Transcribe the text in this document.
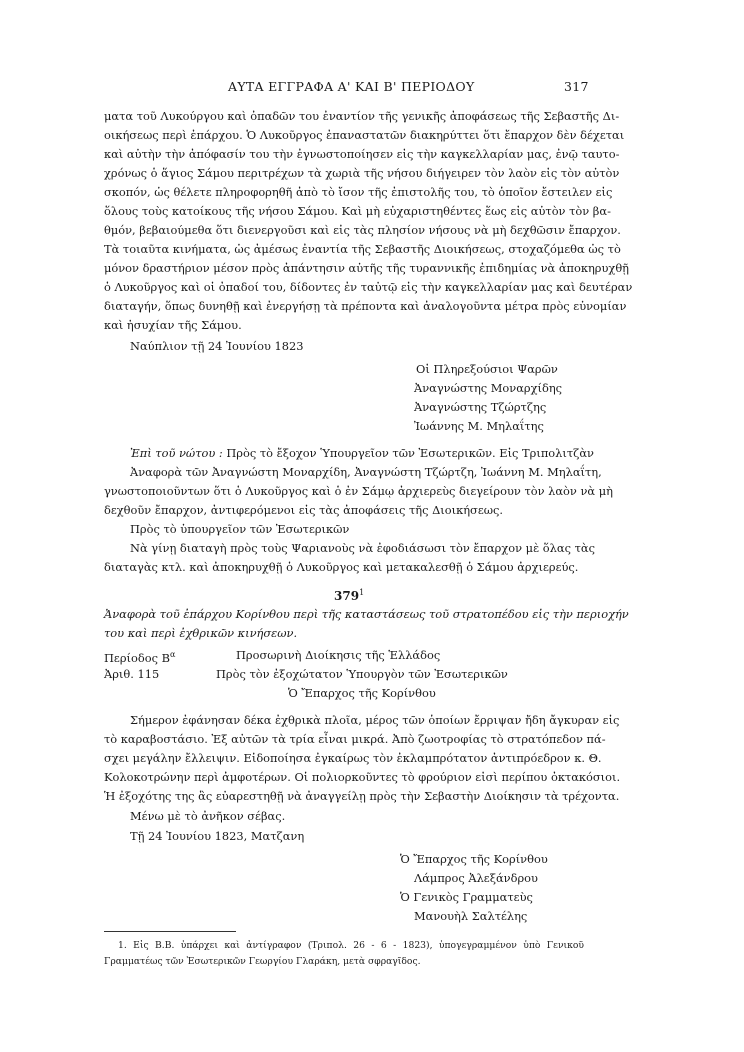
ΑΥΤΑ ΕΓΓΡΑΦΑ Α' ΚΑΙ Β' ΠΕΡΙΟΔΟΥ	317
ματα τοῦ Λυκούργου καὶ ὀπαδῶν του ἐναντίον τῆς γενικῆς ἀποφάσεως τῆς Σεβαστῆς Δι-
οικήσεως περὶ ἐπάρχου. Ὁ Λυκοῦργος ἐπαναστατῶν διακηρύττει ὅτι ἔπαρχον δὲν δέχεται
καὶ αὐτὴν τὴν ἀπόφασίν του τὴν ἐγνωστοποίησεν εἰς τὴν καγκελλαρίαν μας, ἐνῷ ταυτο-
χρόνως ὁ ἅγιος Σάμου περιτρέχων τὰ χωριὰ τῆς νήσου διήγειρεν τὸν λαὸν εἰς τὸν αὐτὸν
σκοπόν, ὡς θέλετε πληροφορηθῆ ἀπὸ τὸ ἴσον τῆς ἐπιστολῆς του, τὸ ὁποῖον ἔστειλεν εἰς
ὅλους τοὺς κατοίκους τῆς νήσου Σάμου. Καὶ μὴ εὐχαριστηθέντες ἕως εἰς αὐτὸν τὸν βα-
θμόν, βεβαιούμεθα ὅτι διενεργοῦσι καὶ εἰς τὰς πλησίον νήσους νὰ μὴ δεχθῶσιν ἔπαρχον.
Τὰ τοιαῦτα κινήματα, ὡς ἀμέσως ἐναντία τῆς Σεβαστῆς Διοικήσεως, στοχαζόμεθα ὡς τὸ
μόνον δραστήριον μέσον πρὸς ἀπάντησιν αὐτῆς τῆς τυραννικῆς ἐπιδημίας νὰ ἀποκηρυχθῇ
ὁ Λυκοῦργος καὶ οἱ ὀπαδοί του, δίδοντες ἐν ταὐτῷ εἰς τὴν καγκελλαρίαν μας καὶ δευτέραν
διαταγήν, ὅπως δυνηθῇ καὶ ἐνεργήσῃ τὰ πρέποντα καὶ ἀναλογοῦντα μέτρα πρὸς εὐνομίαν
καὶ ἡσυχίαν τῆς Σάμου.
Ναύπλιον τῇ 24 Ἰουνίου 1823
Οἱ Πληρεξούσιοι Ψαρῶν
Ἀναγνώστης Μοναρχίδης
Ἀναγνώστης Τζώρτζης
Ἰωάννης Μ. Μηλαΐτης
Ἐπὶ τοῦ νώτου : Πρὸς τὸ ἔξοχον Ὑπουργεῖον τῶν Ἐσωτερικῶν. Εἰς Τριπολιτζὰν
Ἀναφορὰ τῶν Ἀναγνώστη Μοναρχίδη, Ἀναγνώστη Τζώρτζη, Ἰωάννη Μ. Μηλαΐτη,
γνωστοποιοῦντων ὅτι ὁ Λυκοῦργος καὶ ὁ ἐν Σάμῳ ἀρχιερεὺς διεγείρουν τὸν λαὸν νὰ μὴ
δεχθοῦν ἔπαρχον, ἀντιφερόμενοι εἰς τὰς ἀποφάσεις τῆς Διοικήσεως.
Πρὸς τὸ ὑπουργεῖον τῶν Ἐσωτερικῶν
Νὰ γίνῃ διαταγὴ πρὸς τοὺς Ψαριανοὺς νὰ ἐφοδιάσωσι τὸν ἔπαρχον μὲ ὅλας τὰς
διαταγὰς κτλ. καὶ ἀποκηρυχθῇ ὁ Λυκοῦργος καὶ μετακαλεσθῇ ὁ Σάμου ἀρχιερεύς.
$379^1$
Ἀναφορὰ τοῦ ἐπάρχου Κορίνθου περὶ τῆς καταστάσεως τοῦ στρατοπέδου εἰς τὴν περιοχήν
του καὶ περὶ ἐχθρικῶν κινήσεων.
Περίοδος $B^\alpha$	Προσωρινὴ Διοίκησις τῆς Ἑλλάδος
Ἀριθ. 115	Πρὸς τὸν ἐξοχώτατον Ὑπουργὸν τῶν Ἐσωτερικῶν
Ὁ Ἔπαρχος τῆς Κορίνθου
Σήμερον ἐφάνησαν δέκα ἐχθρικὰ πλοῖα, μέρος τῶν ὁποίων ἔρριψαν ἤδη ἄγκυραν εἰς
τὸ καραβοστάσιο. Ἐξ αὐτῶν τὰ τρία εἶναι μικρά. Ἀπὸ ζωοτροφίας τὸ στρατόπεδον πά-
σχει μεγάλην ἔλλειψιν. Εἰδοποίησα ἐγκαίρως τὸν ἐκλαμπρότατον ἀντιπρόεδρον κ. Θ.
Κολοκοτρώνην περὶ ἀμφοτέρων. Οἱ πολιορκοῦντες τὸ φρούριον εἰσὶ περίπου ὀκτακόσιοι.
Ἡ ἐξοχότης της ἂς εὐαρεστηθῇ νὰ ἀναγγείλῃ πρὸς τὴν Σεβαστὴν Διοίκησιν τὰ τρέχοντα.
Μένω μὲ τὸ ἀνῆκον σέβας.
Τῇ 24 Ἰουνίου 1823, Ματζανη
Ὁ Ἔπαρχος τῆς Κορίνθου
Λάμπρος Ἀλεξάνδρου
Ὁ Γενικὸς Γραμματεὺς
Μανουὴλ Σαλτέλης
1. Εἰς Β.Β. ὑπάρχει καὶ ἀντίγραφον (Τριπολ. 26 - 6 - 1823), ὑπογεγραμμένον ὑπὸ Γενικοῦ
Γραμματέως τῶν Ἐσωτερικῶν Γεωργίου Γλαράκη, μετὰ σφραγῖδος.
